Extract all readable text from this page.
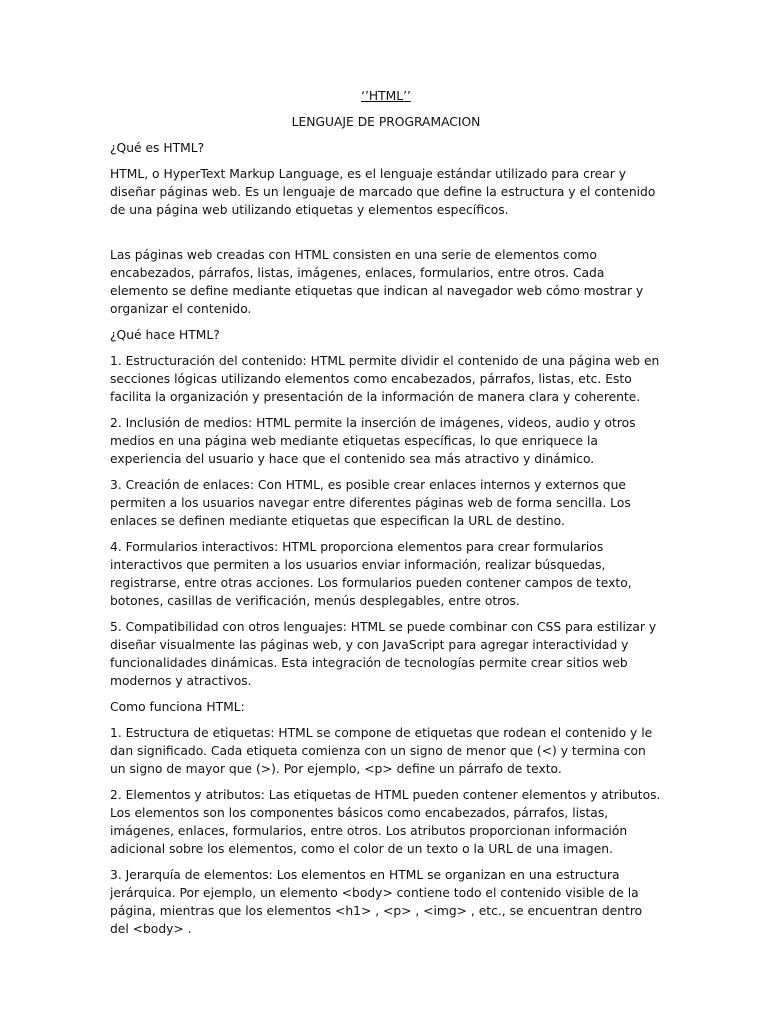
‘’HTML’’
LENGUAJE DE PROGRAMACION

¿Qué es HTML?

HTML, o HyperText Markup Language, es el lenguaje estándar utilizado para crear y diseñar páginas web. Es un lenguaje de marcado que define la estructura y el contenido de una página web utilizando etiquetas y elementos específicos.

Las páginas web creadas con HTML consisten en una serie de elementos como encabezados, párrafos, listas, imágenes, enlaces, formularios, entre otros. Cada elemento se define mediante etiquetas que indican al navegador web cómo mostrar y organizar el contenido.

¿Qué hace HTML?

1. Estructuración del contenido: HTML permite dividir el contenido de una página web en secciones lógicas utilizando elementos como encabezados, párrafos, listas, etc. Esto facilita la organización y presentación de la información de manera clara y coherente.

2. Inclusión de medios: HTML permite la inserción de imágenes, videos, audio y otros medios en una página web mediante etiquetas específicas, lo que enriquece la experiencia del usuario y hace que el contenido sea más atractivo y dinámico.

3. Creación de enlaces: Con HTML, es posible crear enlaces internos y externos que permiten a los usuarios navegar entre diferentes páginas web de forma sencilla. Los enlaces se definen mediante etiquetas que especifican la URL de destino.

4. Formularios interactivos: HTML proporciona elementos para crear formularios interactivos que permiten a los usuarios enviar información, realizar búsquedas, registrarse, entre otras acciones. Los formularios pueden contener campos de texto, botones, casillas de verificación, menús desplegables, entre otros.

5. Compatibilidad con otros lenguajes: HTML se puede combinar con CSS para estilizar y diseñar visualmente las páginas web, y con JavaScript para agregar interactividad y funcionalidades dinámicas. Esta integración de tecnologías permite crear sitios web modernos y atractivos.

Como funciona HTML:

1. Estructura de etiquetas: HTML se compone de etiquetas que rodean el contenido y le dan significado. Cada etiqueta comienza con un signo de menor que (<) y termina con un signo de mayor que (>). Por ejemplo, <p> define un párrafo de texto.

2. Elementos y atributos: Las etiquetas de HTML pueden contener elementos y atributos. Los elementos son los componentes básicos como encabezados, párrafos, listas, imágenes, enlaces, formularios, entre otros. Los atributos proporcionan información adicional sobre los elementos, como el color de un texto o la URL de una imagen.

3. Jerarquía de elementos: Los elementos en HTML se organizan en una estructura jerárquica. Por ejemplo, un elemento <body> contiene todo el contenido visible de la página, mientras que los elementos <h1> , <p> , <img> , etc., se encuentran dentro del <body> .
